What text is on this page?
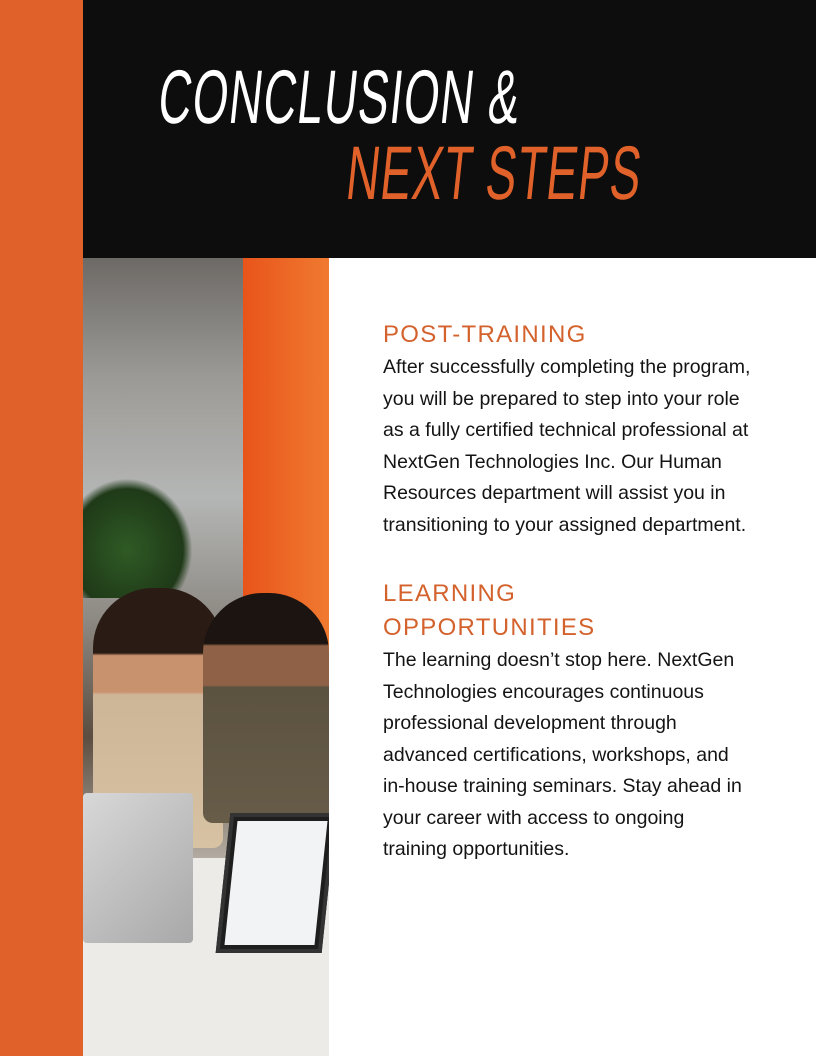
CONCLUSION &
NEXT STEPS
POST-TRAINING

After successfully completing the program, you will be prepared to step into your role as a fully certified technical professional at NextGen Technologies Inc. Our Human Resources department will assist you in transitioning to your assigned department.

LEARNING OPPORTUNITIES

The learning doesn’t stop here. NextGen Technologies encourages continuous professional development through advanced certifications, workshops, and in-house training seminars. Stay ahead in your career with access to ongoing training opportunities.
